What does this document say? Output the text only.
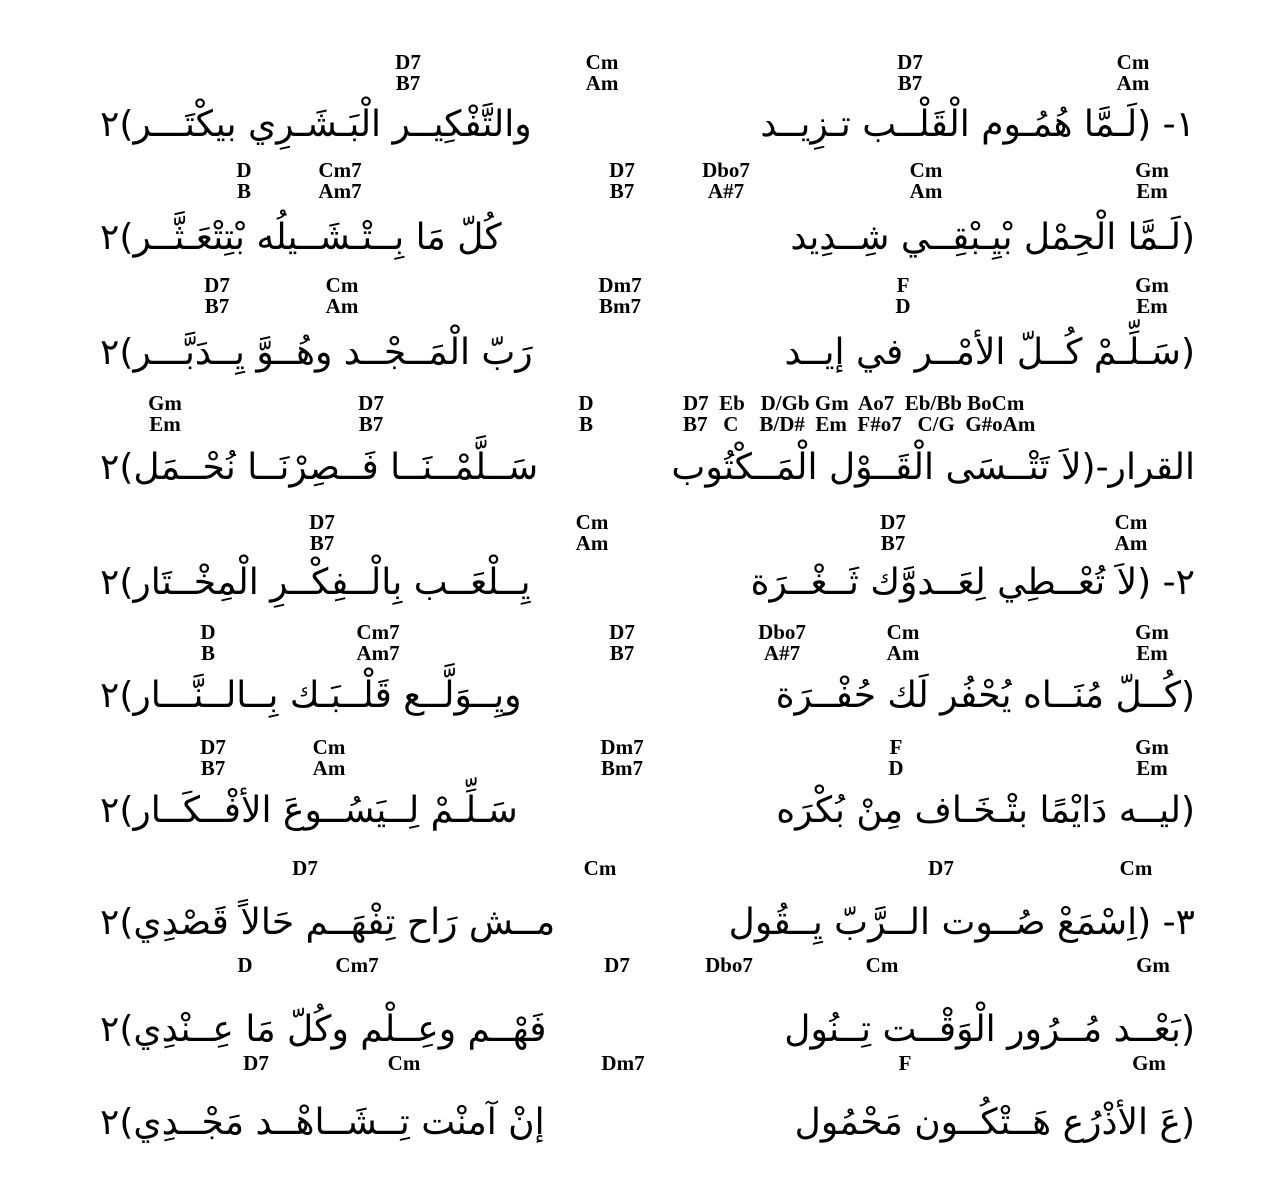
D7
B7
Cm
Am
D7
B7
Cm
Am
١- (لَـمَّا هُمُـوم الْقَلْــب تـزِيــد
والتَّفْكِيــر الْبَـشَـرِي بيكْتَـــر)٢
D
B
Cm7
Am7
D7
B7
Dbo7
A#7
Cm
Am
Gm
Em
(لَـمَّا الْحِمْل بْيِـبْقِــي شِــدِيد
كُلّ مَا بِــتْـشَــيلُه بْتِتْعَـثَّــر)٢
D7
B7
Cm
Am
Dm7
Bm7
F
D
Gm
Em
(سَـلِّـمْ كُــلّ الأمْــر في إيــد
رَبّ الْمَــجْــد وهُــوَّ يِــدَبَّـــر)٢
Gm
Em
D7
B7
D
B
D7  Eb   D/Gb Gm  Ao7  Eb/Bb BoCm
B7   C    B/D#  Em  F#o7   C/G  G#oAm
القرار-(لاَ تَتْــسَى الْقَــوْل الْمَــكْتُوب
سَــلَّمْــنَــا فَــصِرْنَــا نُحْــمَل)٢
D7
B7
Cm
Am
D7
B7
Cm
Am
٢- (لاَ تُعْــطِي لِعَــدوَّك ثَــغْــرَة
يِــلْعَــب بِالْــفِكْــرِ الْمِخْــتَار)٢
D
B
Cm7
Am7
D7
B7
Dbo7
A#7
Cm
Am
Gm
Em
(كُــلّ مُنَــاه يُحْفُر لَك حُفْــرَة
ويِــوَلَّــع قَلْــبَـك بِــالــنَّـــار)٢
D7
B7
Cm
Am
Dm7
Bm7
F
D
Gm
Em
(ليــه دَايْمًا بتْـخَـاف مِنْ بُكْرَه
سَـلِّـمْ لِــيَسُــوعَ الأفْــكَــار)٢
D7	Cm	D7	Cm
٣- (اِسْمَعْ صُــوت الــرَّبّ يِــقُول
مــش رَاح تِفْهَــم حَالاً قَصْدِي)٢
D	Cm7	D7	Dbo7	Cm	Gm
(بَعْــد مُــرُور الْوَقْــت تِــنُول
فَهْــم وعِــلْم وكُلّ مَا عِــنْدِي)٢
D7	Cm	Dm7	F	Gm
(عَ الأذْرُع هَــتْكُــون مَحْمُول
إنْ آمنْت تِــشَــاهْــد مَجْــدِي)٢
